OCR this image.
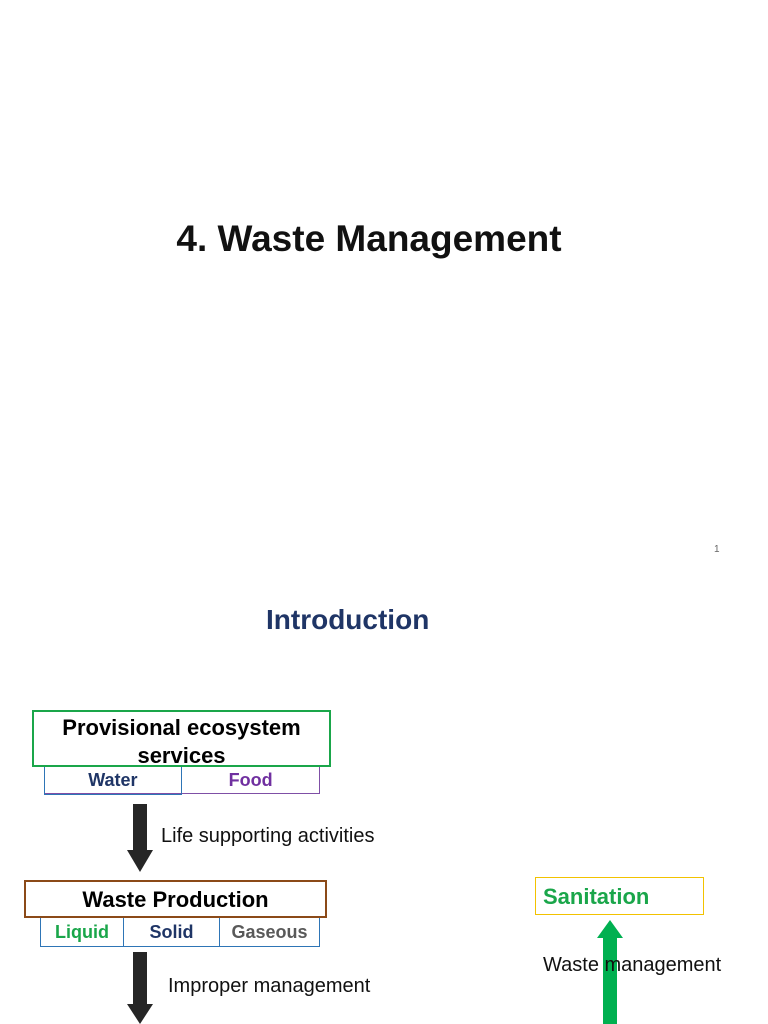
4. Waste Management
1
Introduction
Provisional ecosystem services
Water	Food
Life supporting activities
Waste Production
Liquid	Solid	Gaseous
Improper management
Sanitation
Waste management
